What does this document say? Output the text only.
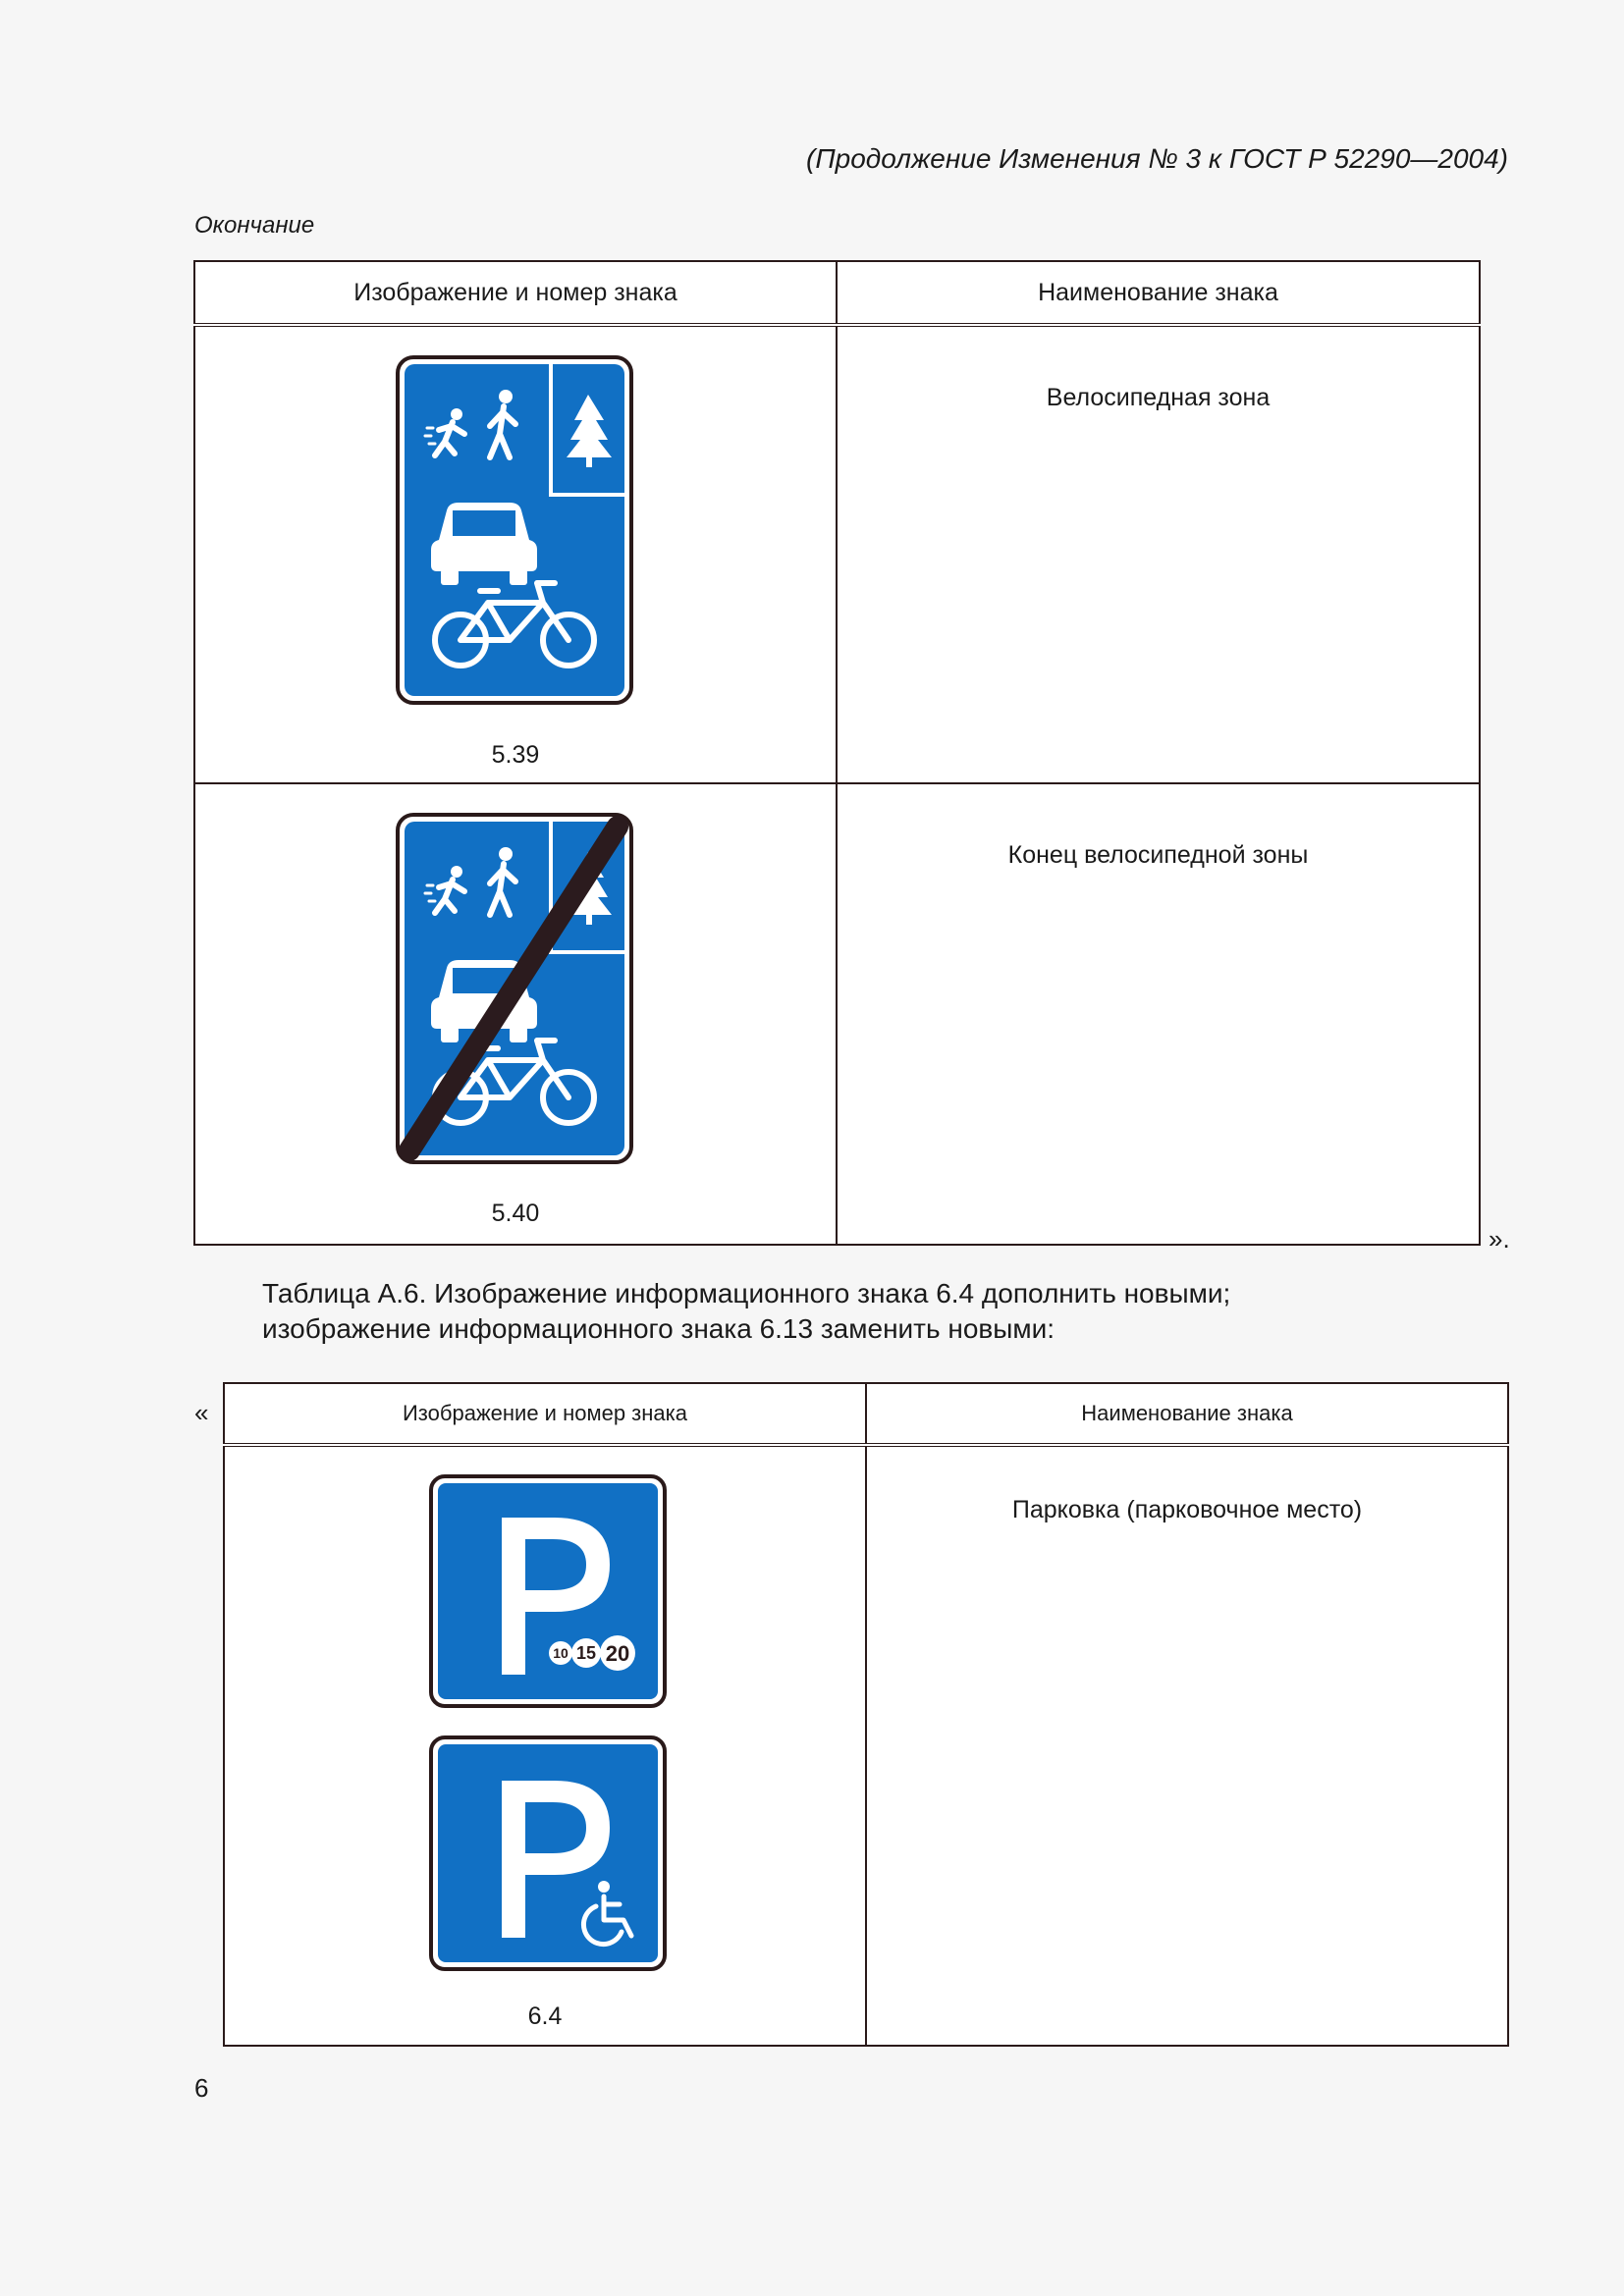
(Продолжение Изменения № 3 к ГОСТ Р 52290—2004)
Окончание
Изображение и номер знака	Наименование знака

5.39	Велосипедная зона

5.40	Конец велосипедной зоны
».
Таблица А.6. Изображение информационного знака 6.4 дополнить новыми;
изображение информационного знака 6.13 заменить новыми:
«	Изображение и номер знака	Наименование знака

10 15 20
6.4	Парковка (парковочное место)
6
